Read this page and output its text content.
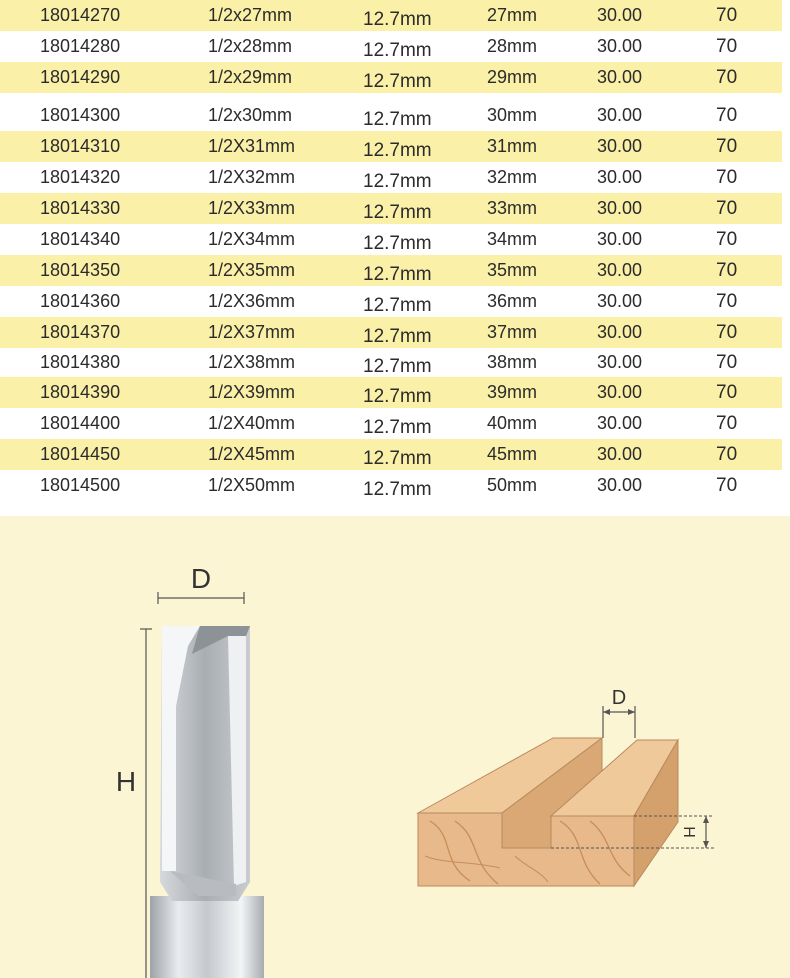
18014270	1/2x27mm	12.7mm	27mm	30.00	70
18014280	1/2x28mm	12.7mm	28mm	30.00	70
18014290	1/2x29mm	12.7mm	29mm	30.00	70
18014300	1/2x30mm	12.7mm	30mm	30.00	70
18014310	1/2X31mm	12.7mm	31mm	30.00	70
18014320	1/2X32mm	12.7mm	32mm	30.00	70
18014330	1/2X33mm	12.7mm	33mm	30.00	70
18014340	1/2X34mm	12.7mm	34mm	30.00	70
18014350	1/2X35mm	12.7mm	35mm	30.00	70
18014360	1/2X36mm	12.7mm	36mm	30.00	70
18014370	1/2X37mm	12.7mm	37mm	30.00	70
18014380	1/2X38mm	12.7mm	38mm	30.00	70
18014390	1/2X39mm	12.7mm	39mm	30.00	70
18014400	1/2X40mm	12.7mm	40mm	30.00	70
18014450	1/2X45mm	12.7mm	45mm	30.00	70
18014500	1/2X50mm	12.7mm	50mm	30.00	70
D
H
D
H
